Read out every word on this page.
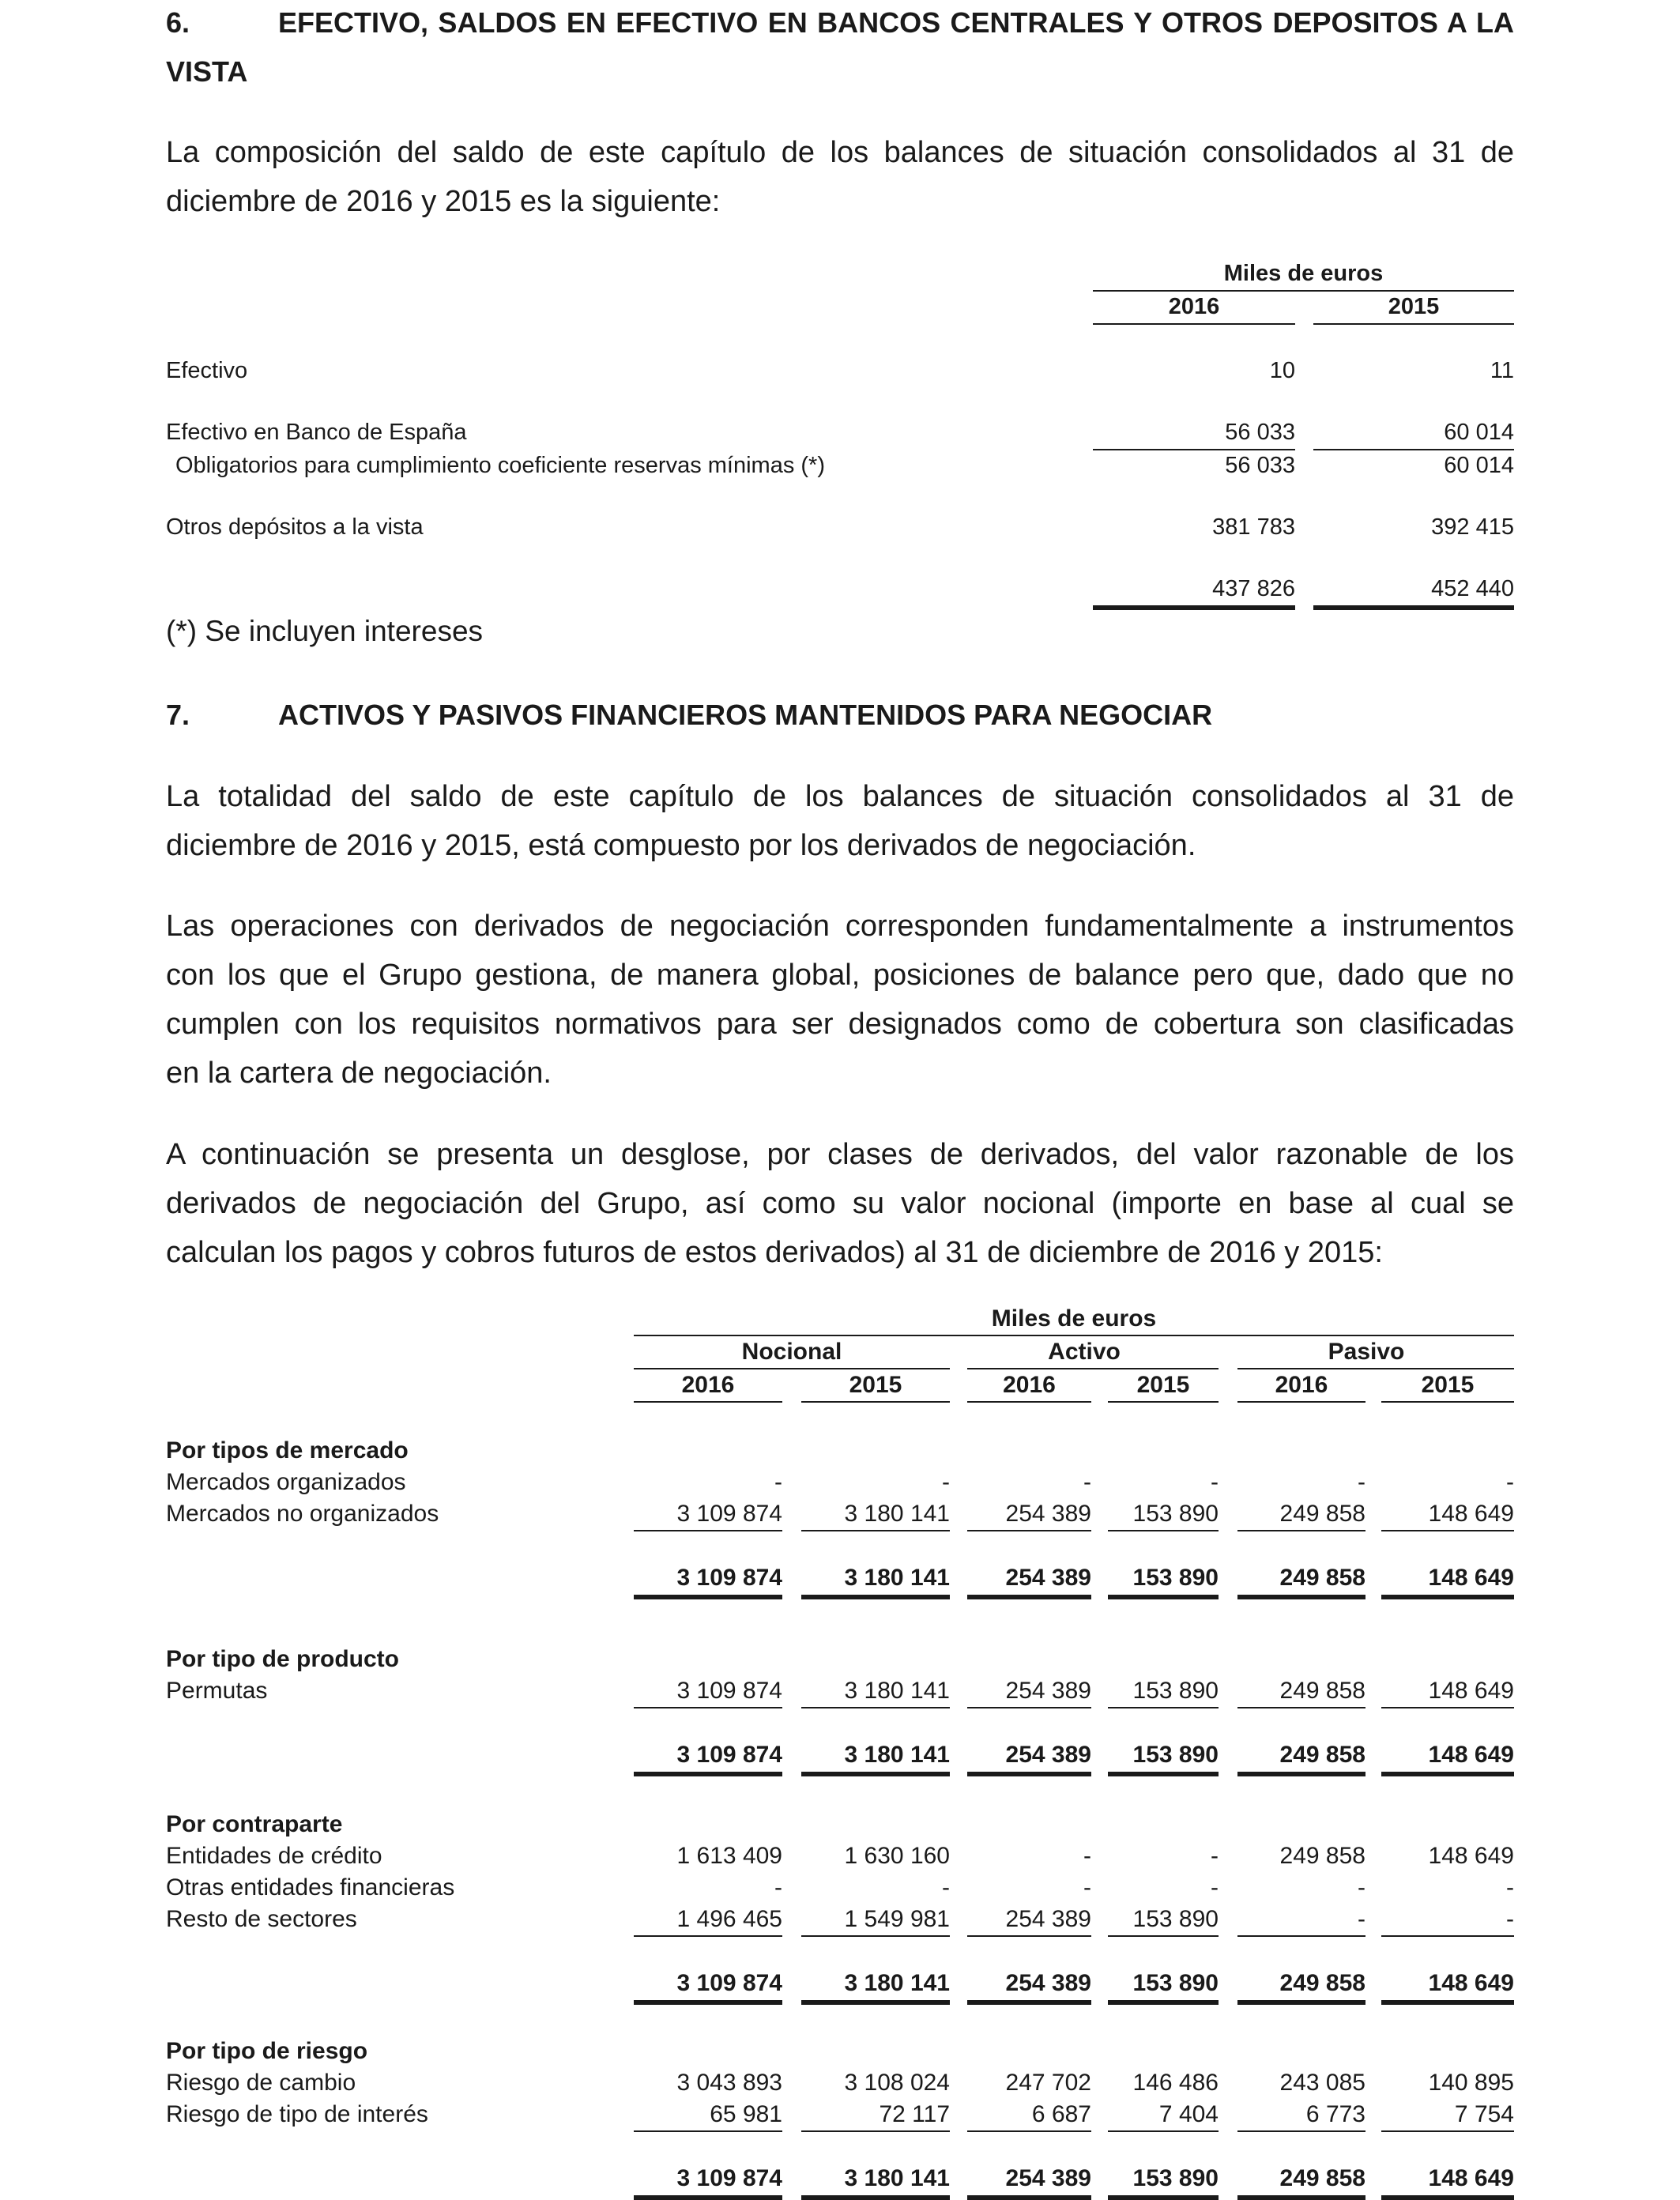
6.	EFECTIVO, SALDOS EN EFECTIVO EN BANCOS CENTRALES Y OTROS DEPOSITOS A LA
VISTA
La composición del saldo de este capítulo de los balances de situación consolidados al 31 de
diciembre de 2016 y 2015 es la siguiente:
Miles de euros
2016	2015
Efectivo	10	11
Efectivo en Banco de España	56 033	60 014
Obligatorios para cumplimiento coeficiente reservas mínimas (*)	56 033	60 014
Otros depósitos a la vista	381 783	392 415
437 826	452 440
(*) Se incluyen intereses
7.	ACTIVOS Y PASIVOS FINANCIEROS MANTENIDOS PARA NEGOCIAR
La totalidad del saldo de este capítulo de los balances de situación consolidados al 31 de
diciembre de 2016 y 2015, está compuesto por los derivados de negociación.
Las operaciones con derivados de negociación corresponden fundamentalmente a instrumentos
con los que el Grupo gestiona, de manera global, posiciones de balance pero que, dado que no
cumplen con los requisitos normativos para ser designados como de cobertura son clasificadas
en la cartera de negociación.
A continuación se presenta un desglose, por clases de derivados, del valor razonable de los
derivados de negociación del Grupo, así como su valor nocional (importe en base al cual se
calculan los pagos y cobros futuros de estos derivados) al 31 de diciembre de 2016 y 2015:
Miles de euros
Nocional	Activo	Pasivo
2016	2015	2016	2015	2016	2015
Por tipos de mercado
Mercados organizados	-	-	-	-	-	-
Mercados no organizados	3 109 874	3 180 141	254 389	153 890	249 858	148 649
3 109 874	3 180 141	254 389	153 890	249 858	148 649
Por tipo de producto
Permutas	3 109 874	3 180 141	254 389	153 890	249 858	148 649
3 109 874	3 180 141	254 389	153 890	249 858	148 649
Por contraparte
Entidades de crédito	1 613 409	1 630 160	-	-	249 858	148 649
Otras entidades financieras	-	-	-	-	-	-
Resto de sectores	1 496 465	1 549 981	254 389	153 890	-	-
3 109 874	3 180 141	254 389	153 890	249 858	148 649
Por tipo de riesgo
Riesgo de cambio	3 043 893	3 108 024	247 702	146 486	243 085	140 895
Riesgo de tipo de interés	65 981	72 117	6 687	7 404	6 773	7 754
3 109 874	3 180 141	254 389	153 890	249 858	148 649
